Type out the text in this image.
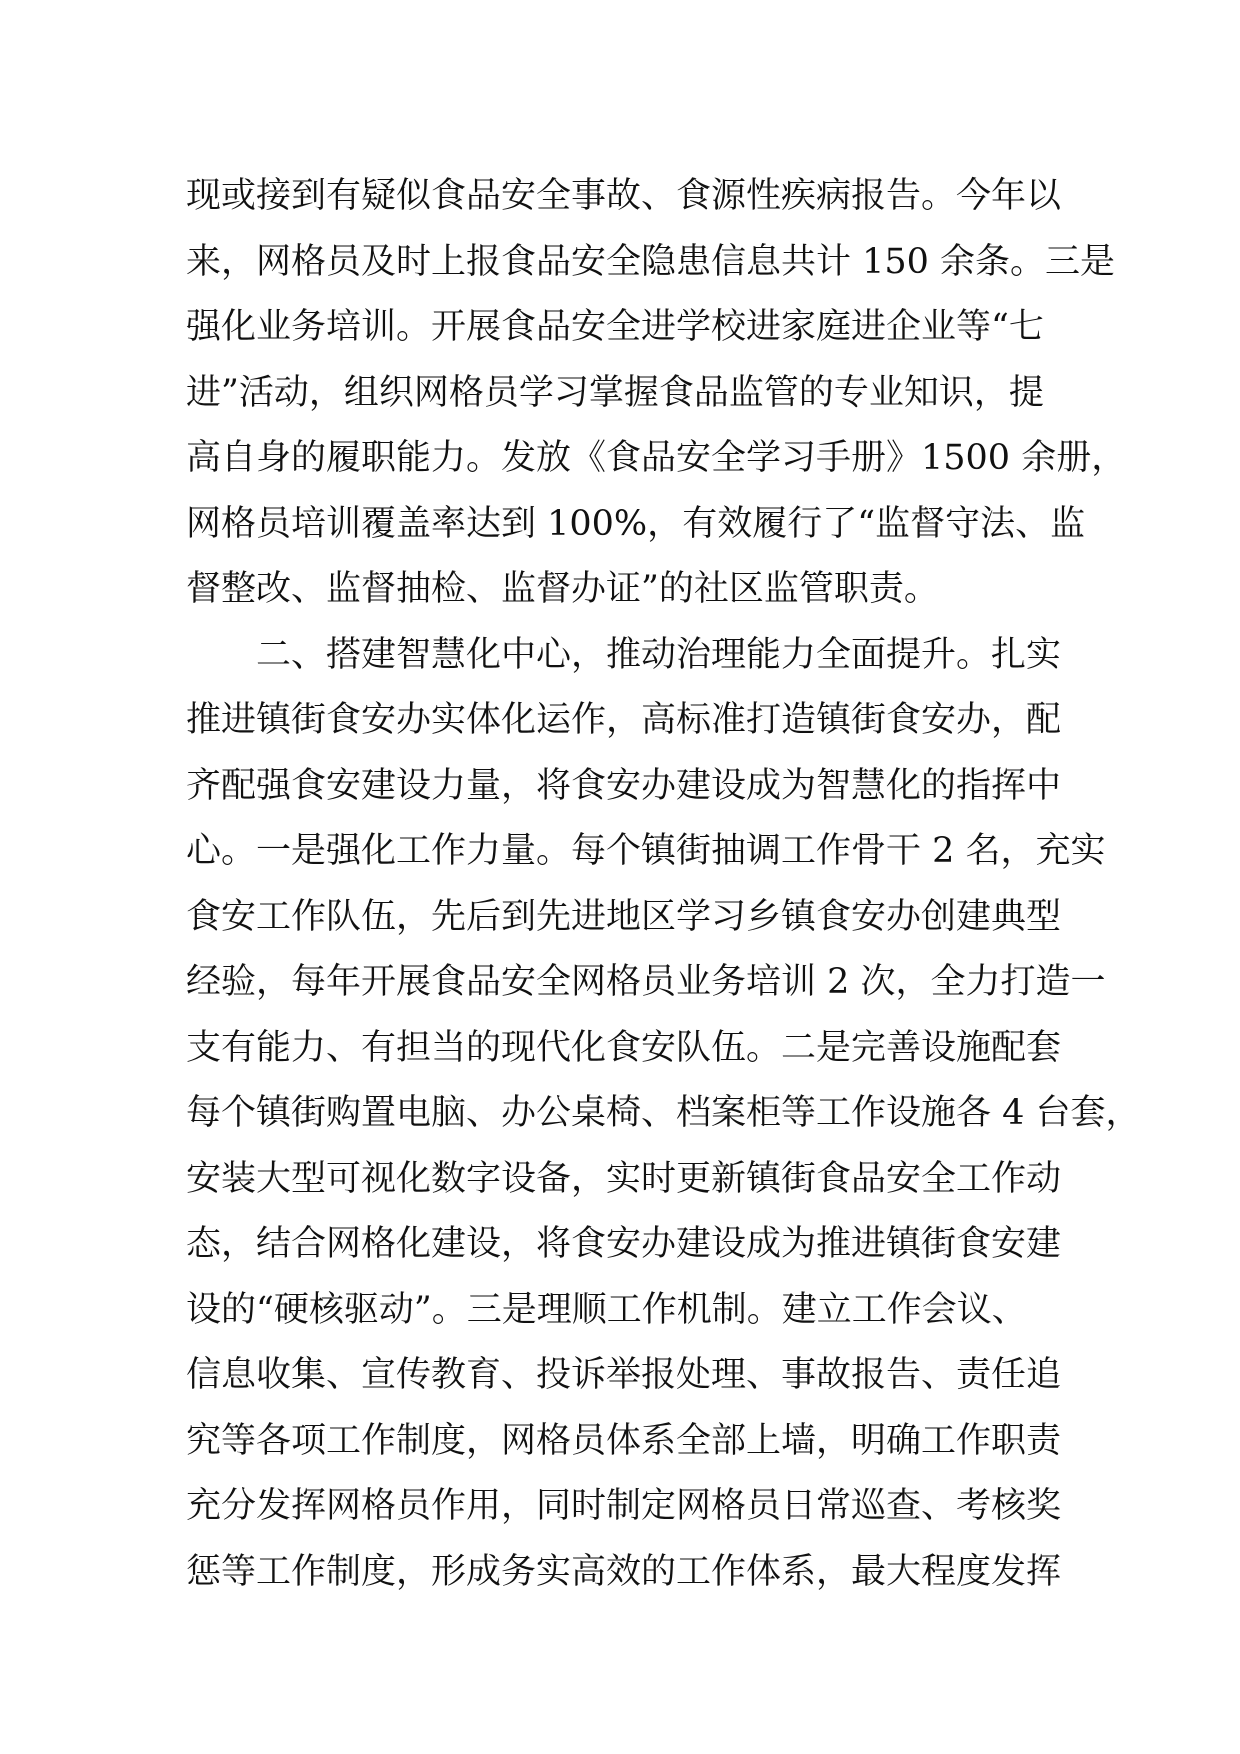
现或接到有疑似食品安全事故、食源性疾病报告。今年以
来，网格员及时上报食品安全隐患信息共计 150 余条。三是
强化业务培训。开展食品安全进学校进家庭进企业等“七
进”活动，组织网格员学习掌握食品监管的专业知识，提
高自身的履职能力。发放《食品安全学习手册》1500 余册，
网格员培训覆盖率达到 100%，有效履行了“监督守法、监
督整改、监督抽检、监督办证”的社区监管职责。
　　二、搭建智慧化中心，推动治理能力全面提升。扎实
推进镇街食安办实体化运作，高标准打造镇街食安办，配
齐配强食安建设力量，将食安办建设成为智慧化的指挥中
心。一是强化工作力量。每个镇街抽调工作骨干 2 名，充实
食安工作队伍，先后到先进地区学习乡镇食安办创建典型
经验，每年开展食品安全网格员业务培训 2 次，全力打造一
支有能力、有担当的现代化食安队伍。二是完善设施配套
每个镇街购置电脑、办公桌椅、档案柜等工作设施各 4 台套，
安装大型可视化数字设备，实时更新镇街食品安全工作动
态，结合网格化建设，将食安办建设成为推进镇街食安建
设的“硬核驱动”。三是理顺工作机制。建立工作会议、
信息收集、宣传教育、投诉举报处理、事故报告、责任追
究等各项工作制度，网格员体系全部上墙，明确工作职责
充分发挥网格员作用，同时制定网格员日常巡查、考核奖
惩等工作制度，形成务实高效的工作体系，最大程度发挥
